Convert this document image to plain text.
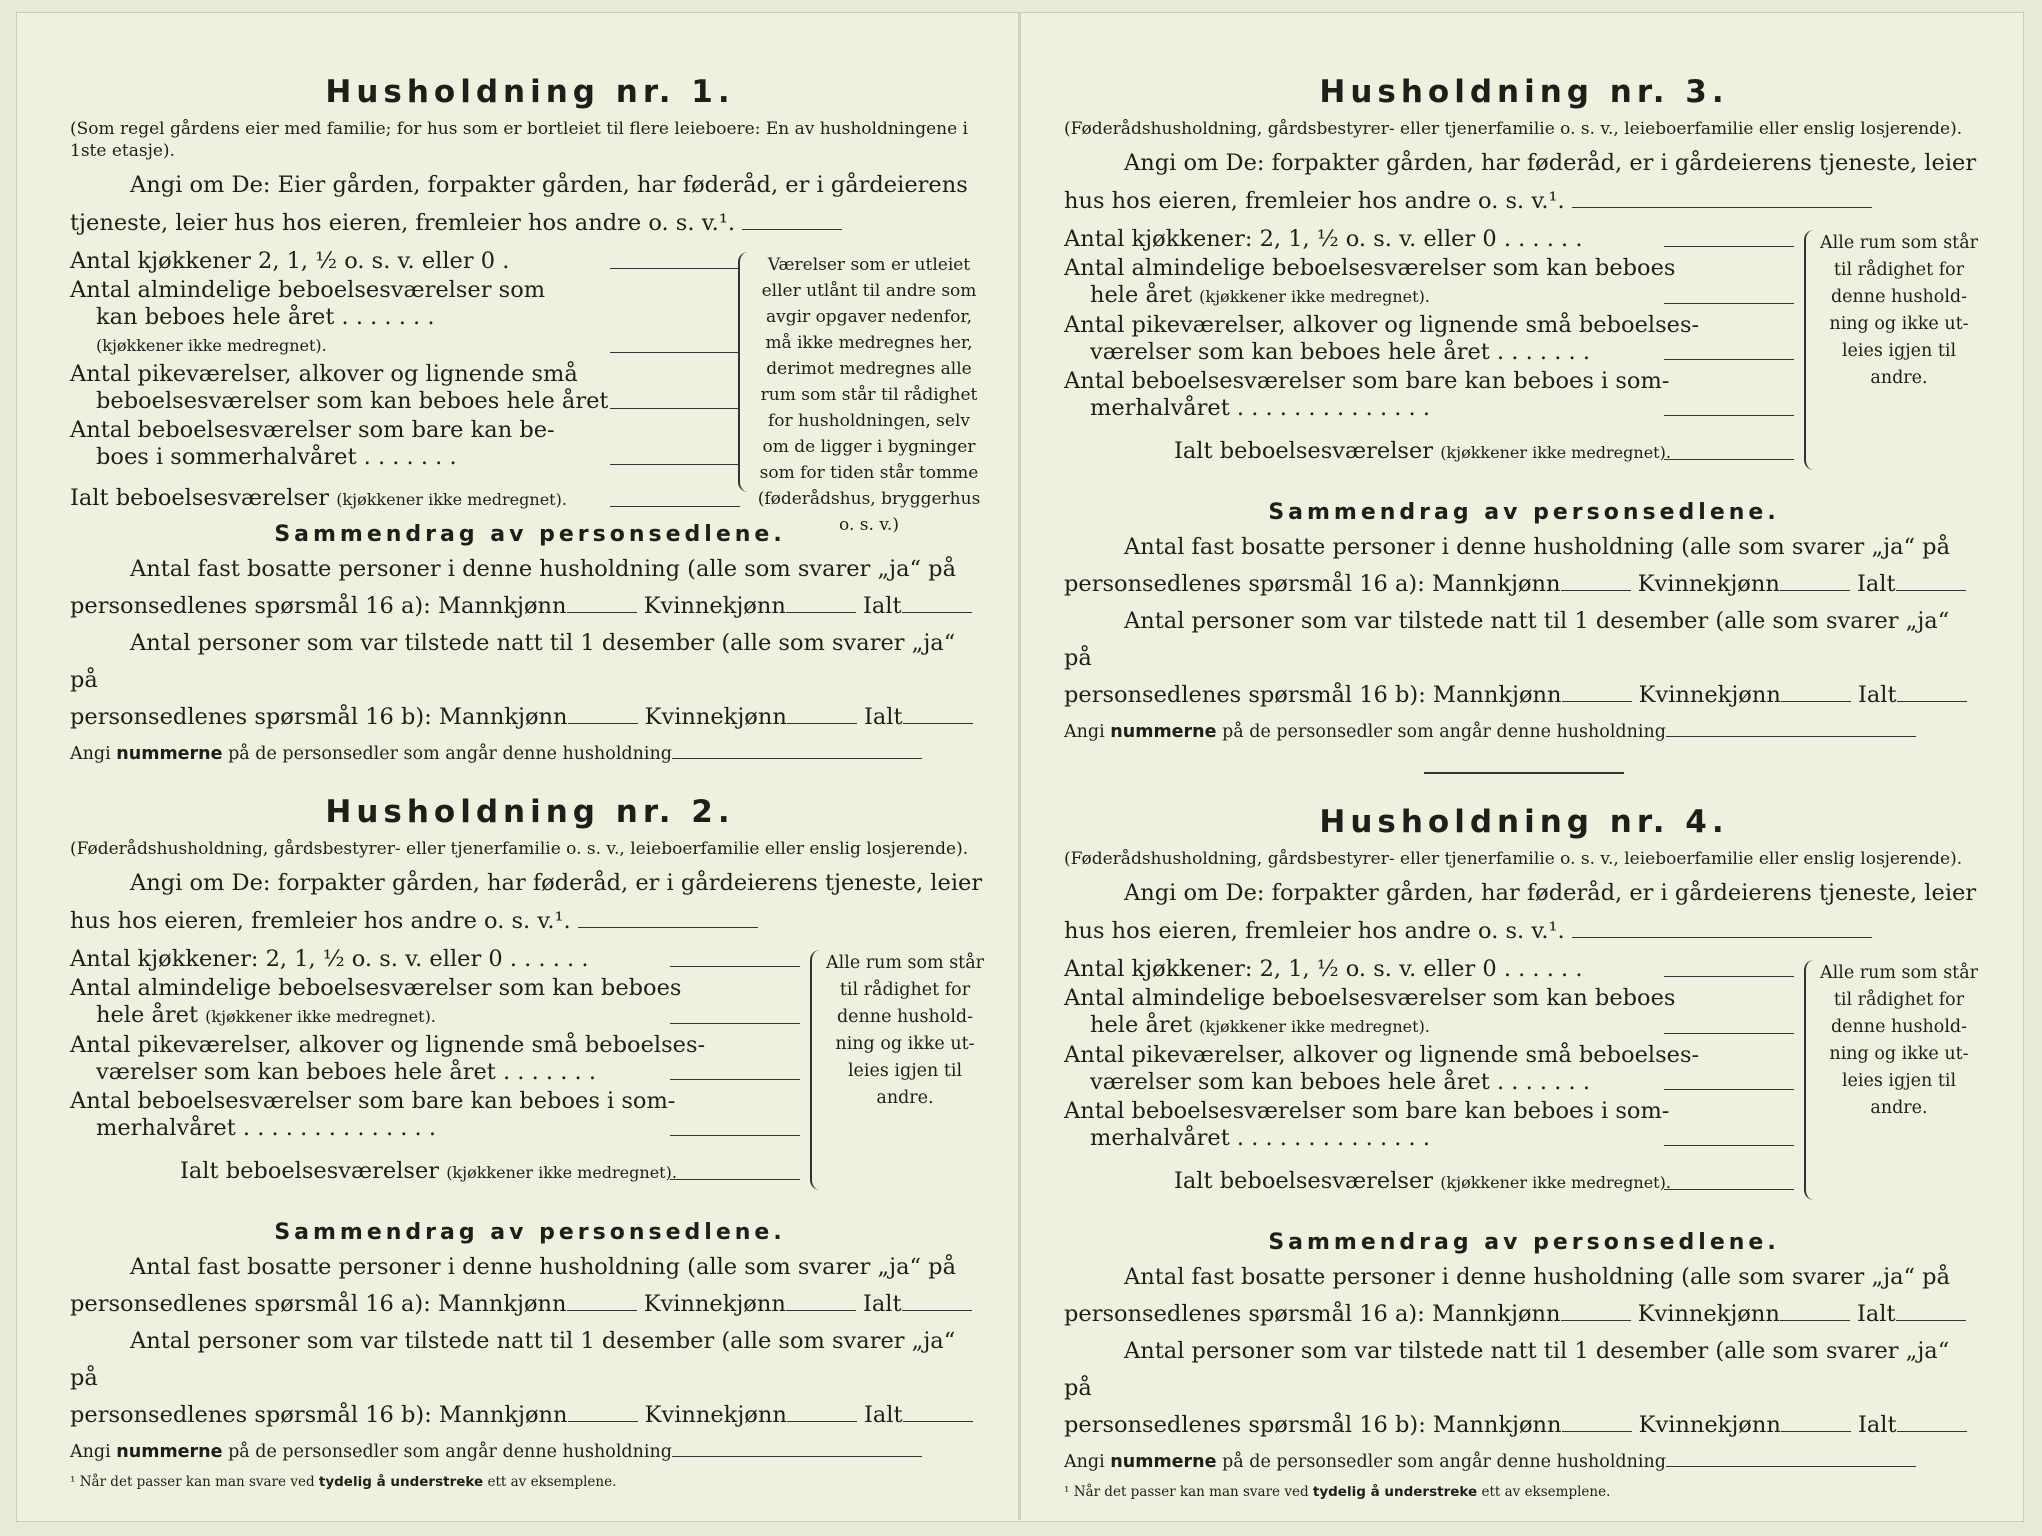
Husholdning nr. 1.
(Som regel gårdens eier med familie; for hus som er bortleiet til flere leieboere: En av husholdningene i 1ste etasje).

Angi om De: Eier gården, forpakter gården, har føderåd, er i gårdeierens tjeneste, leier hus hos eieren, fremleier hos andre o. s. v.¹.

Antal kjøkkener 2, 1, ½ o. s. v. eller 0 .
Antal almindelige beboelsesværelser som
kan beboes hele året . . . . . . .

(kjøkkener ikke medregnet).
Antal pikeværelser, alkover og lignende små
beboelsesværelser som kan beboes hele året
Antal beboelsesværelser som bare kan be-
boes i sommerhalvåret . . . . . . .
Ialt beboelsesværelser (kjøkkener ikke medregnet).
Værelser som er utleiet eller utlånt til andre som avgir opgaver nedenfor, må ikke medregnes her, derimot medregnes alle rum som står til rådighet for husholdningen, selv om de ligger i bygninger som for tiden står tomme (føderådshus, bryggerhus o. s. v.)
Sammendrag av personsedlene.

Antal fast bosatte personer i denne husholdning (alle som svarer „ja“ på

personsedlenes spørsmål 16 a): Mannkjønn	Kvinnekjønn	Ialt

Antal personer som var tilstede natt til 1 desember (alle som svarer „ja“ på

personsedlenes spørsmål 16 b): Mannkjønn	Kvinnekjønn	Ialt

Angi nummerne på de personsedler som angår denne husholdning
Husholdning nr. 2.
(Føderådshusholdning, gårdsbestyrer- eller tjenerfamilie o. s. v., leieboerfamilie eller enslig losjerende).

Angi om De: forpakter gården, har føderåd, er i gårdeierens tjeneste, leier hus hos eieren, fremleier hos andre o. s. v.¹.

Antal kjøkkener: 2, 1, ½ o. s. v. eller 0 . . . . . .
Antal almindelige beboelsesværelser som kan beboes
hele året (kjøkkener ikke medregnet).
Antal pikeværelser, alkover og lignende små beboelses-
værelser som kan beboes hele året . . . . . . .
Antal beboelsesværelser som bare kan beboes i som-
merhalvåret . . . . . . . . . . . . . .
Ialt beboelsesværelser (kjøkkener ikke medregnet).
Alle rum som står til rådighet for denne hushold-ning og ikke ut-leies igjen til andre.
Sammendrag av personsedlene.

Antal fast bosatte personer i denne husholdning (alle som svarer „ja“ på

personsedlenes spørsmål 16 a): Mannkjønn	Kvinnekjønn	Ialt

Antal personer som var tilstede natt til 1 desember (alle som svarer „ja“ på

personsedlenes spørsmål 16 b): Mannkjønn	Kvinnekjønn	Ialt

Angi nummerne på de personsedler som angår denne husholdning
¹ Når det passer kan man svare ved tydelig å understreke ett av eksemplene.
Husholdning nr. 3.
(Føderådshusholdning, gårdsbestyrer- eller tjenerfamilie o. s. v., leieboerfamilie eller enslig losjerende).

Angi om De: forpakter gården, har føderåd, er i gårdeierens tjeneste, leier hus hos eieren, fremleier hos andre o. s. v.¹.

Antal kjøkkener: 2, 1, ½ o. s. v. eller 0 . . . . . .
Antal almindelige beboelsesværelser som kan beboes
hele året (kjøkkener ikke medregnet).
Antal pikeværelser, alkover og lignende små beboelses-
værelser som kan beboes hele året . . . . . . .
Antal beboelsesværelser som bare kan beboes i som-
merhalvåret . . . . . . . . . . . . . .
Ialt beboelsesværelser (kjøkkener ikke medregnet).
Alle rum som står til rådighet for denne hushold-ning og ikke ut-leies igjen til andre.
Sammendrag av personsedlene.

Antal fast bosatte personer i denne husholdning (alle som svarer „ja“ på

personsedlenes spørsmål 16 a): Mannkjønn	Kvinnekjønn	Ialt

Antal personer som var tilstede natt til 1 desember (alle som svarer „ja“ på

personsedlenes spørsmål 16 b): Mannkjønn	Kvinnekjønn	Ialt

Angi nummerne på de personsedler som angår denne husholdning
Husholdning nr. 4.
(Føderådshusholdning, gårdsbestyrer- eller tjenerfamilie o. s. v., leieboerfamilie eller enslig losjerende).

Angi om De: forpakter gården, har føderåd, er i gårdeierens tjeneste, leier hus hos eieren, fremleier hos andre o. s. v.¹.

Antal kjøkkener: 2, 1, ½ o. s. v. eller 0 . . . . . .
Antal almindelige beboelsesværelser som kan beboes
hele året (kjøkkener ikke medregnet).
Antal pikeværelser, alkover og lignende små beboelses-
værelser som kan beboes hele året . . . . . . .
Antal beboelsesværelser som bare kan beboes i som-
merhalvåret . . . . . . . . . . . . . .
Ialt beboelsesværelser (kjøkkener ikke medregnet).
Alle rum som står til rådighet for denne hushold-ning og ikke ut-leies igjen til andre.
Sammendrag av personsedlene.

Antal fast bosatte personer i denne husholdning (alle som svarer „ja“ på

personsedlenes spørsmål 16 a): Mannkjønn	Kvinnekjønn	Ialt

Antal personer som var tilstede natt til 1 desember (alle som svarer „ja“ på

personsedlenes spørsmål 16 b): Mannkjønn	Kvinnekjønn	Ialt

Angi nummerne på de personsedler som angår denne husholdning
¹ Når det passer kan man svare ved tydelig å understreke ett av eksemplene.
